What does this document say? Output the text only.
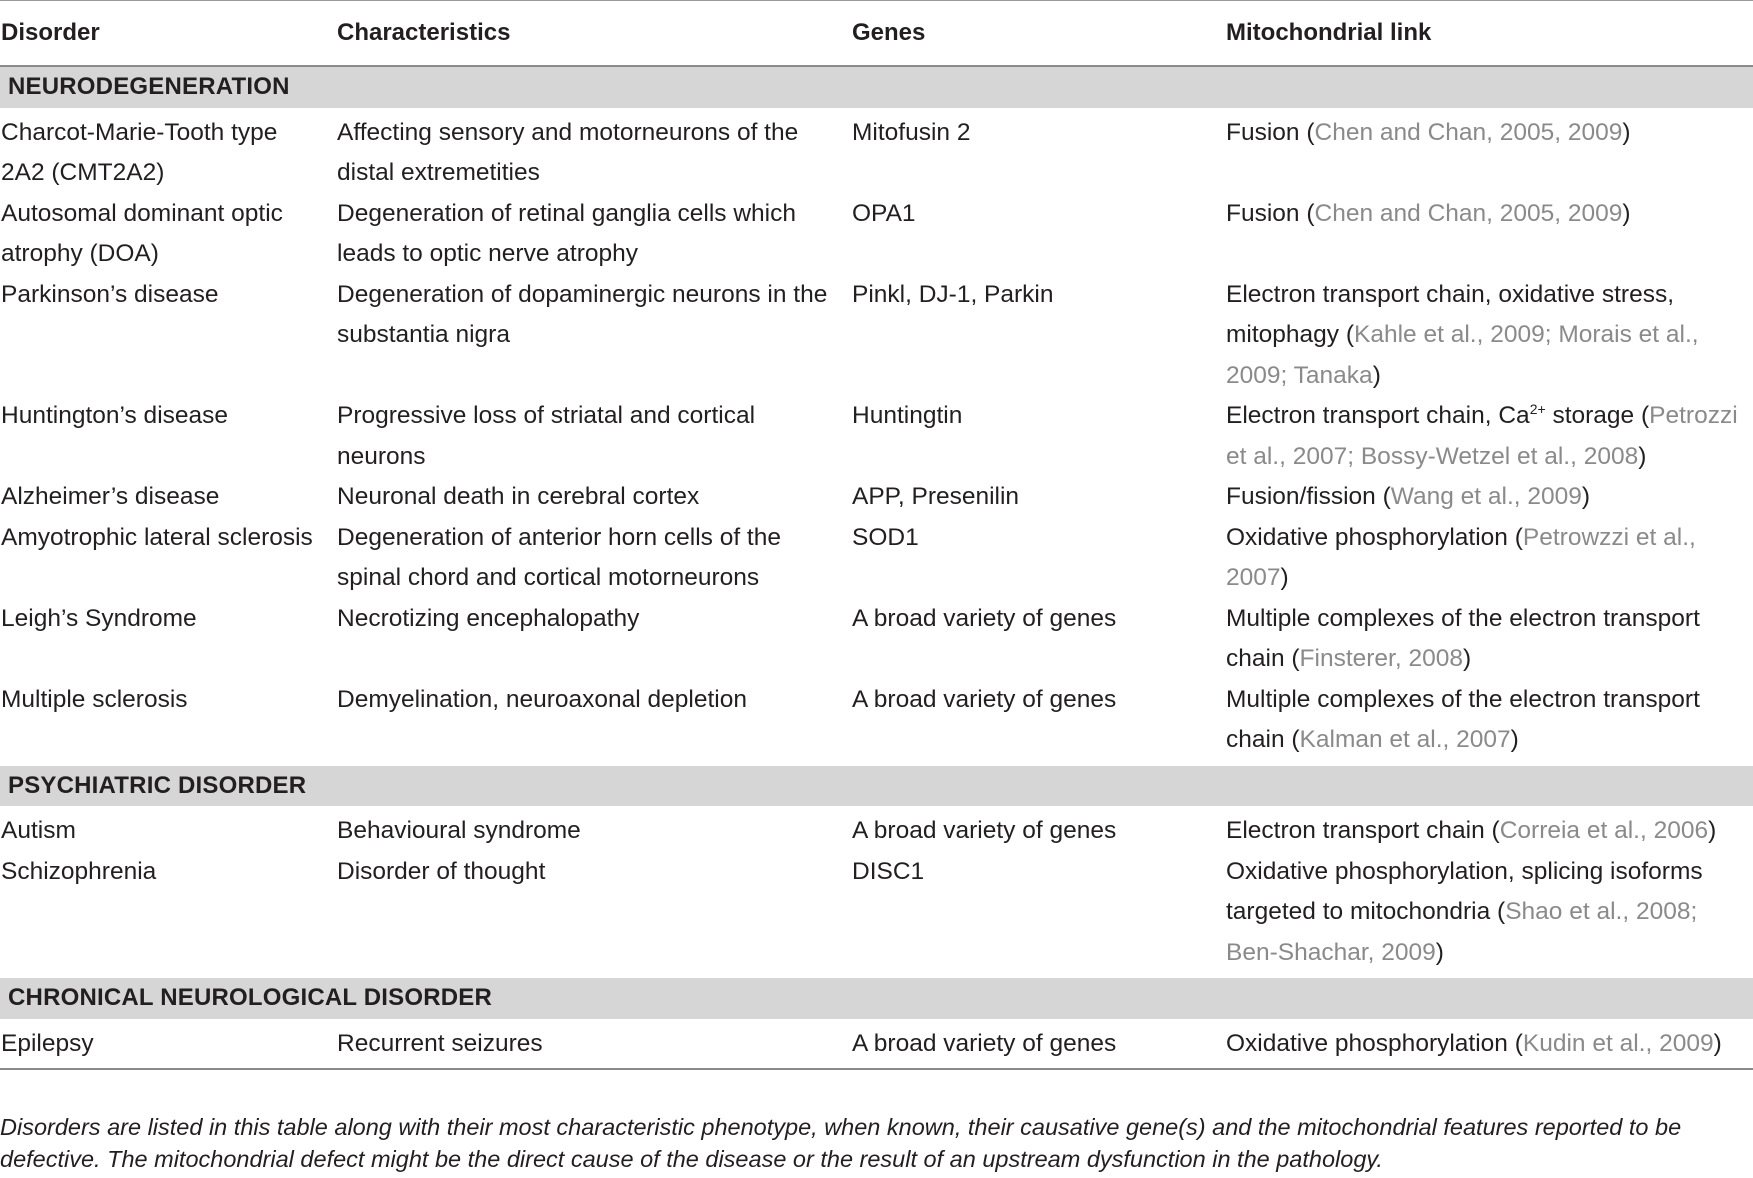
Disorder	Characteristics	Genes	Mitochondrial link
NEURODEGENERATION			

Charcot-Marie-Tooth type 2A2 (CMT2A2)	Affecting sensory and motorneurons of the distal extremetities	Mitofusin 2	Fusion (Chen and Chan, 2005, 2009)
Autosomal dominant optic atrophy (DOA)	Degeneration of retinal ganglia cells which leads to optic nerve atrophy	OPA1	Fusion (Chen and Chan, 2005, 2009)
Parkinson’s disease	Degeneration of dopaminergic neurons in the substantia nigra	Pinkl, DJ-1, Parkin	Electron transport chain, oxidative stress, mitophagy (Kahle et al., 2009; Morais et al., 2009; Tanaka)
Huntington’s disease	Progressive loss of striatal and cortical neurons	Huntingtin	Electron transport chain, $Ca^{2+}$ storage (Petrozzi et al., 2007; Bossy-Wetzel et al., 2008)
Alzheimer’s disease	Neuronal death in cerebral cortex	APP, Presenilin	Fusion/fission (Wang et al., 2009)
Amyotrophic lateral sclerosis	Degeneration of anterior horn cells of the spinal chord and cortical motorneurons	SOD1	Oxidative phosphorylation (Petrowzzi et al., 2007)
Leigh’s Syndrome	Necrotizing encephalopathy	A broad variety of genes	Multiple complexes of the electron transport chain (Finsterer, 2008)
Multiple sclerosis	Demyelination, neuroaxonal depletion	A broad variety of genes	Multiple complexes of the electron transport chain (Kalman et al., 2007)

PSYCHIATRIC DISORDER			

Autism	Behavioural syndrome	A broad variety of genes	Electron transport chain (Correia et al., 2006)
Schizophrenia	Disorder of thought	DISC1	Oxidative phosphorylation, splicing isoforms targeted to mitochondria (Shao et al., 2008; Ben-Shachar, 2009)

CHRONICAL NEUROLOGICAL DISORDER			

Epilepsy	Recurrent seizures	A broad variety of genes	Oxidative phosphorylation (Kudin et al., 2009)
Disorders are listed in this table along with their most characteristic phenotype, when known, their causative gene(s) and the mitochondrial features reported to be defective. The mitochondrial defect might be the direct cause of the disease or the result of an upstream dysfunction in the pathology.
